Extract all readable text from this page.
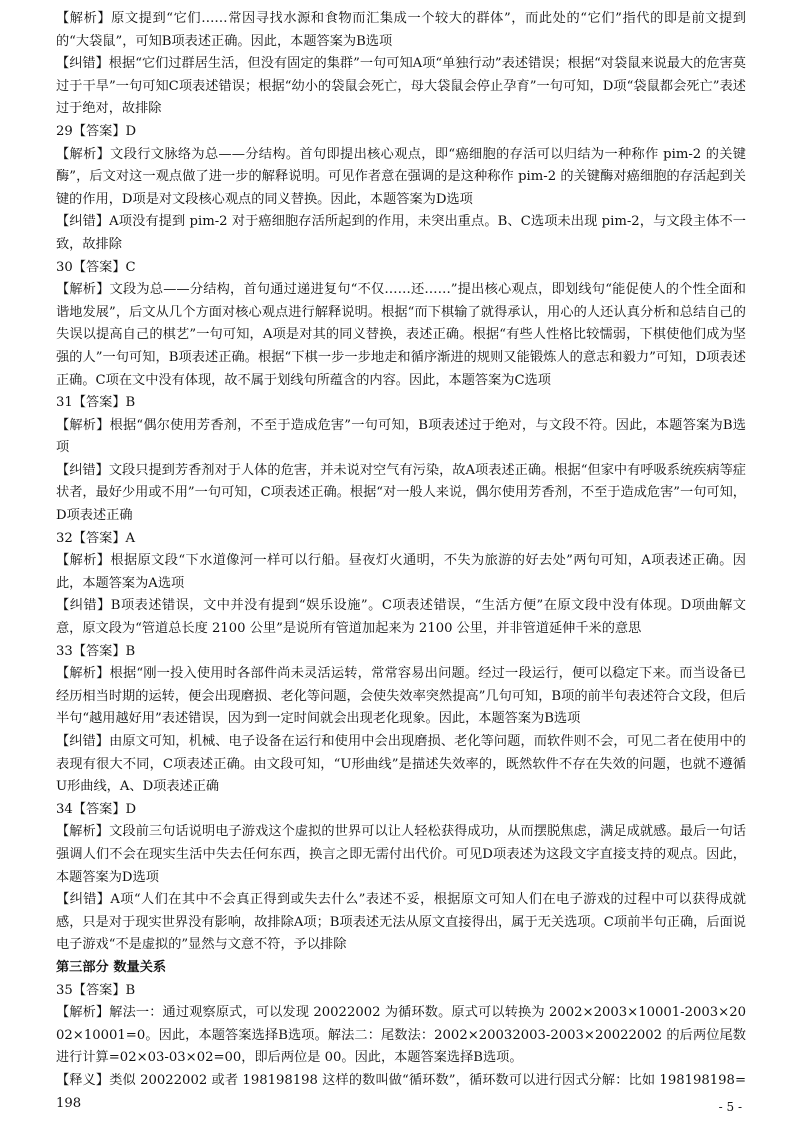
【解析】原文提到“它们……常因寻找水源和食物而汇集成一个较大的群体”，而此处的“它们”指代的即是前文提到的“大袋鼠”，可知B项表述正确。因此，本题答案为B选项

【纠错】根据“它们过群居生活，但没有固定的集群”一句可知A项“单独行动”表述错误；根据“对袋鼠来说最大的危害莫过于干旱”一句可知C项表述错误；根据“幼小的袋鼠会死亡，母大袋鼠会停止孕育”一句可知，D项“袋鼠都会死亡”表述过于绝对，故排除

29【答案】D

【解析】文段行文脉络为总——分结构。首句即提出核心观点，即“癌细胞的存活可以归结为一种称作 pim-2 的关键酶”，后文对这一观点做了进一步的解释说明。可见作者意在强调的是这种称作 pim-2 的关键酶对癌细胞的存活起到关键的作用，D项是对文段核心观点的同义替换。因此，本题答案为D选项

【纠错】A项没有提到 pim-2 对于癌细胞存活所起到的作用，未突出重点。B、C选项未出现 pim-2，与文段主体不一致，故排除

30【答案】C

【解析】文段为总——分结构，首句通过递进复句“不仅……还……”提出核心观点，即划线句“能促使人的个性全面和谐地发展”，后文从几个方面对核心观点进行解释说明。根据“而下棋输了就得承认，用心的人还认真分析和总结自己的失误以提高自己的棋艺”一句可知，A项是对其的同义替换，表述正确。根据“有些人性格比较懦弱，下棋使他们成为坚强的人”一句可知，B项表述正确。根据“下棋一步一步地走和循序渐进的规则又能锻炼人的意志和毅力”可知，D项表述正确。C项在文中没有体现，故不属于划线句所蕴含的内容。因此，本题答案为C选项

31【答案】B

【解析】根据“偶尔使用芳香剂，不至于造成危害”一句可知，B项表述过于绝对，与文段不符。因此，本题答案为B选项

【纠错】文段只提到芳香剂对于人体的危害，并未说对空气有污染，故A项表述正确。根据“但家中有呼吸系统疾病等症状者，最好少用或不用”一句可知，C项表述正确。根据“对一般人来说，偶尔使用芳香剂，不至于造成危害”一句可知，D项表述正确

32【答案】A

【解析】根据原文段“下水道像河一样可以行船。昼夜灯火通明，不失为旅游的好去处”两句可知，A项表述正确。因此，本题答案为A选项

【纠错】B项表述错误，文中并没有提到“娱乐设施”。C项表述错误，“生活方便”在原文段中没有体现。D项曲解文意，原文段为“管道总长度 2100 公里”是说所有管道加起来为 2100 公里，并非管道延伸千米的意思

33【答案】B

【解析】根据“刚一投入使用时各部件尚未灵活运转，常常容易出问题。经过一段运行，便可以稳定下来。而当设备已经历相当时期的运转，便会出现磨损、老化等问题，会使失效率突然提高”几句可知，B项的前半句表述符合文段，但后半句“越用越好用”表述错误，因为到一定时间就会出现老化现象。因此，本题答案为B选项

【纠错】由原文可知，机械、电子设备在运行和使用中会出现磨损、老化等问题，而软件则不会，可见二者在使用中的表现有很大不同，C项表述正确。由文段可知，“U形曲线”是描述失效率的，既然软件不存在失效的问题，也就不遵循U形曲线，A、D项表述正确

34【答案】D

【解析】文段前三句话说明电子游戏这个虚拟的世界可以让人轻松获得成功，从而摆脱焦虑，满足成就感。最后一句话强调人们不会在现实生活中失去任何东西，换言之即无需付出代价。可见D项表述为这段文字直接支持的观点。因此，本题答案为D选项

【纠错】A项“人们在其中不会真正得到或失去什么”表述不妥，根据原文可知人们在电子游戏的过程中可以获得成就感，只是对于现实世界没有影响，故排除A项；B项表述无法从原文直接得出，属于无关选项。C项前半句正确，后面说电子游戏“不是虚拟的”显然与文意不符，予以排除

第三部分 数量关系

35【答案】B

【解析】解法一：通过观察原式，可以发现 20022002 为循环数。原式可以转换为 2002×2003×10001-2003×2002×10001=0。因此，本题答案选择B选项。解法二：尾数法：2002×20032003-2003×20022002 的后两位尾数进行计算=02×03-03×02=00，即后两位是 00。因此，本题答案选择B选项。

【释义】类似 20022002 或者 198198198 这样的数叫做“循环数”，循环数可以进行因式分解：比如 198198198=198	- 5 -
